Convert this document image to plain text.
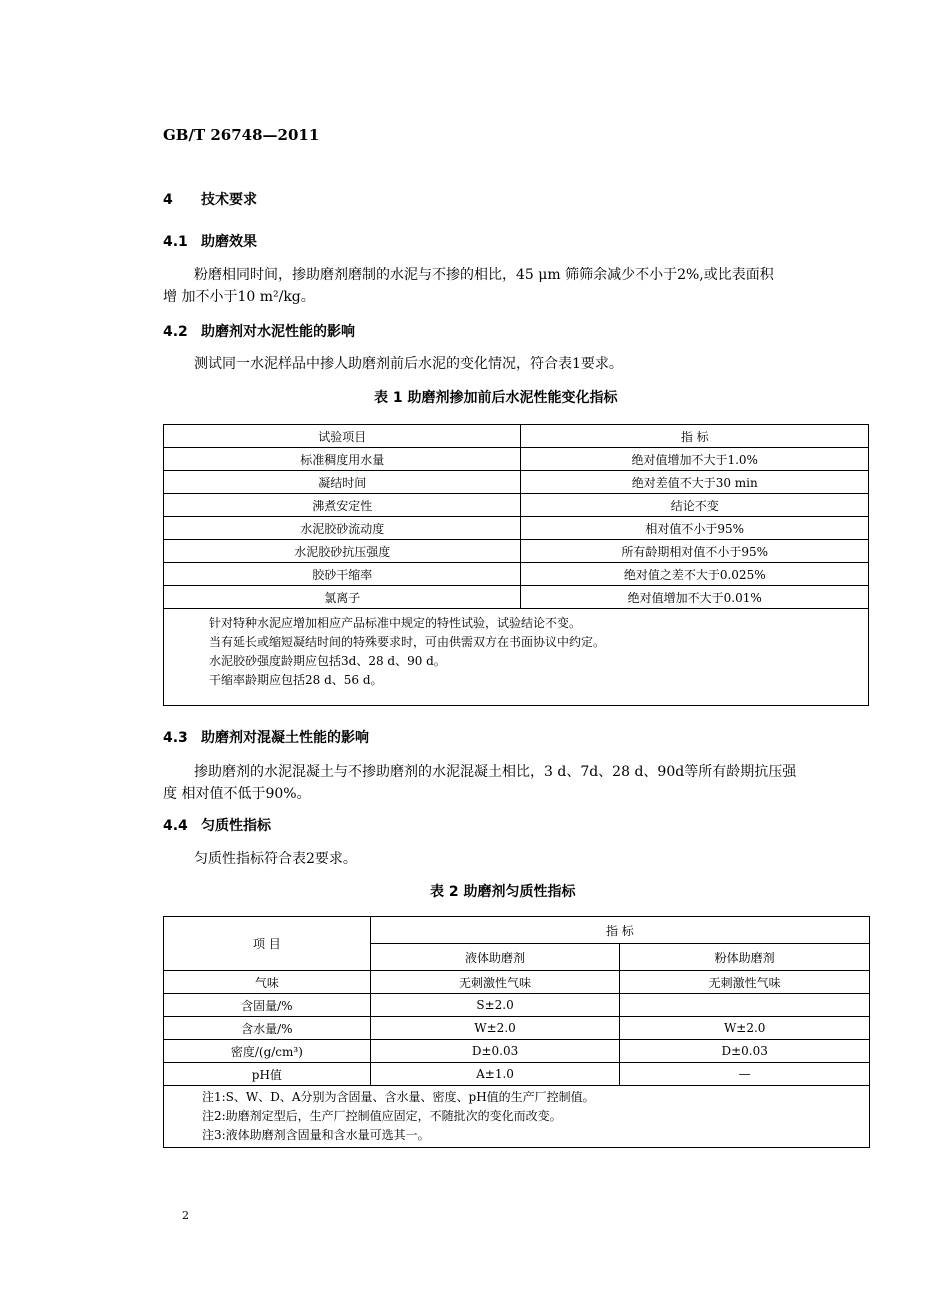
GB/T 26748—2011
4 技术要求
4.1 助磨效果
粉磨相同时间，掺助磨剂磨制的水泥与不掺的相比，45 μm 筛筛余减少不小于2%,或比表面积
增 加不小于10 m²/kg。
4.2 助磨剂对水泥性能的影响
测试同一水泥样品中掺人助磨剂前后水泥的变化情况，符合表1要求。
表 1 助磨剂掺加前后水泥性能变化指标
试验项目	指 标
标准稠度用水量	绝对值增加不大于1.0%
凝结时间	绝对差值不大于30 min
沸煮安定性	结论不变
水泥胶砂流动度	相对值不小于95%
水泥胶砂抗压强度	所有龄期相对值不小于95%
胶砂干缩率	绝对值之差不大于0.025%
氯离子	绝对值增加不大于0.01%

针对特种水泥应增加相应产品标准中规定的特性试验，试验结论不变。
当有延长或缩短凝结时间的特殊要求时，可由供需双方在书面协议中约定。
水泥胶砂强度龄期应包括3d、28 d、90 d。
干缩率龄期应包括28 d、56 d。	
4.3 助磨剂对混凝土性能的影响
掺助磨剂的水泥混凝土与不掺助磨剂的水泥混凝土相比，3 d、7d、28 d、90d等所有龄期抗压强
度 相对值不低于90%。
4.4 匀质性指标
匀质性指标符合表2要求。
表 2 助磨剂匀质性指标
项 目	指 标	
	液体助磨剂	粉体助磨剂
气味	无刺激性气味	无刺激性气味
含固量/%	S±2.0	
含水量/%	W±2.0	W±2.0
密度/(g/cm³)	D±0.03	D±0.03
pH值	A±1.0	—

注1:S、W、D、A分别为含固量、含水量、密度、pH值的生产厂控制值。
注2:助磨剂定型后，生产厂控制值应固定，不随批次的变化而改变。
注3:液体助磨剂含固量和含水量可选其一。		
2
